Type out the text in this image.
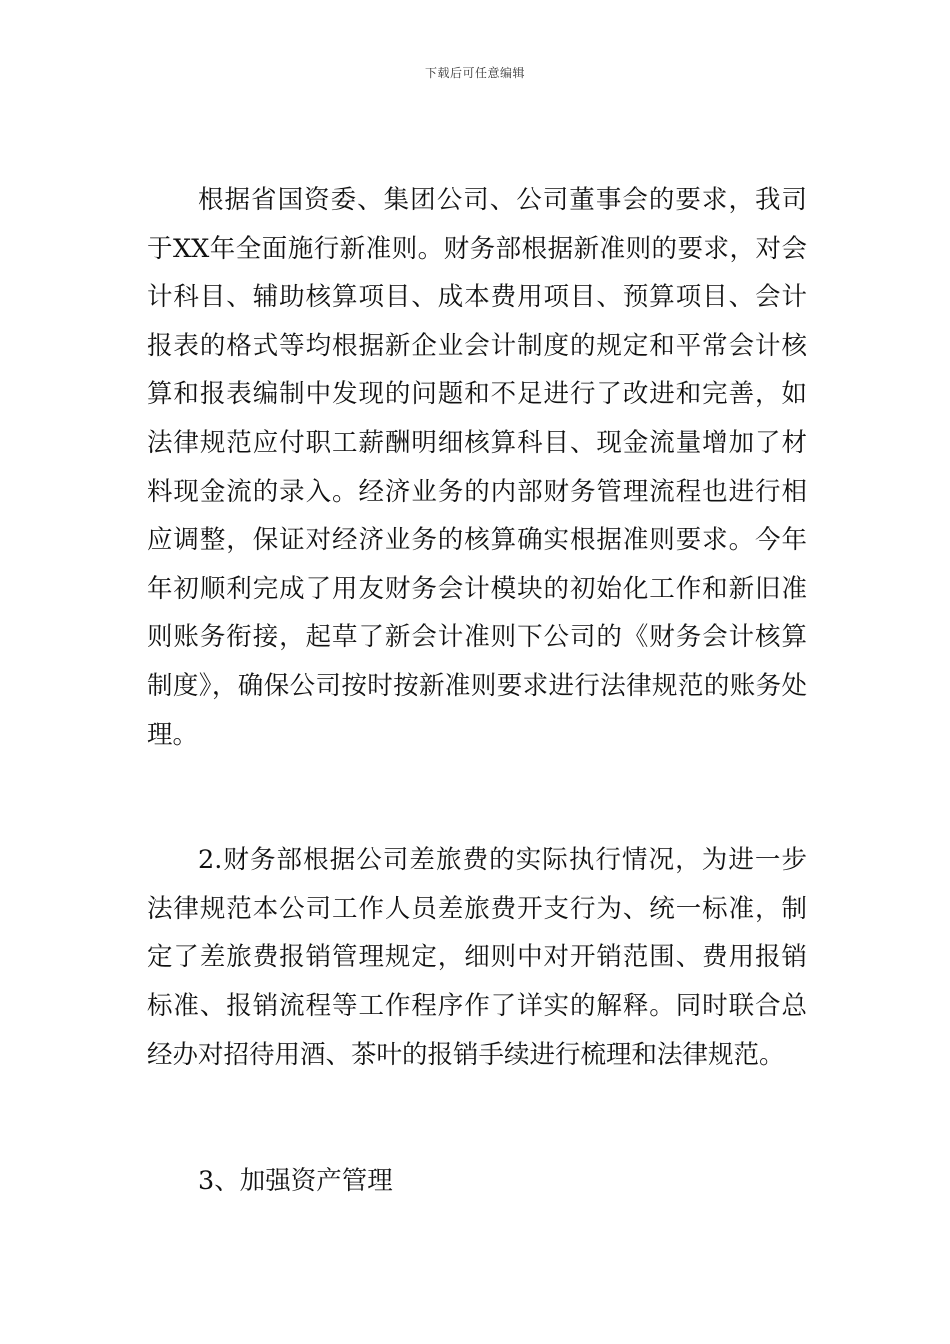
下载后可任意编辑

根据省国资委、集团公司、公司董事会的要求，我司于XX年全面施行新准则。财务部根据新准则的要求，对会计科目、辅助核算项目、成本费用项目、预算项目、会计报表的格式等均根据新企业会计制度的规定和平常会计核算和报表编制中发现的问题和不足进行了改进和完善，如法律规范应付职工薪酬明细核算科目、现金流量增加了材料现金流的录入。经济业务的内部财务管理流程也进行相应调整，保证对经济业务的核算确实根据准则要求。今年年初顺利完成了用友财务会计模块的初始化工作和新旧准则账务衔接，起草了新会计准则下公司的《财务会计核算制度》，确保公司按时按新准则要求进行法律规范的账务处理。

2.财务部根据公司差旅费的实际执行情况，为进一步法律规范本公司工作人员差旅费开支行为、统一标准，制定了差旅费报销管理规定，细则中对开销范围、费用报销标准、报销流程等工作程序作了详实的解释。同时联合总经办对招待用酒、茶叶的报销手续进行梳理和法律规范。

3、加强资产管理
